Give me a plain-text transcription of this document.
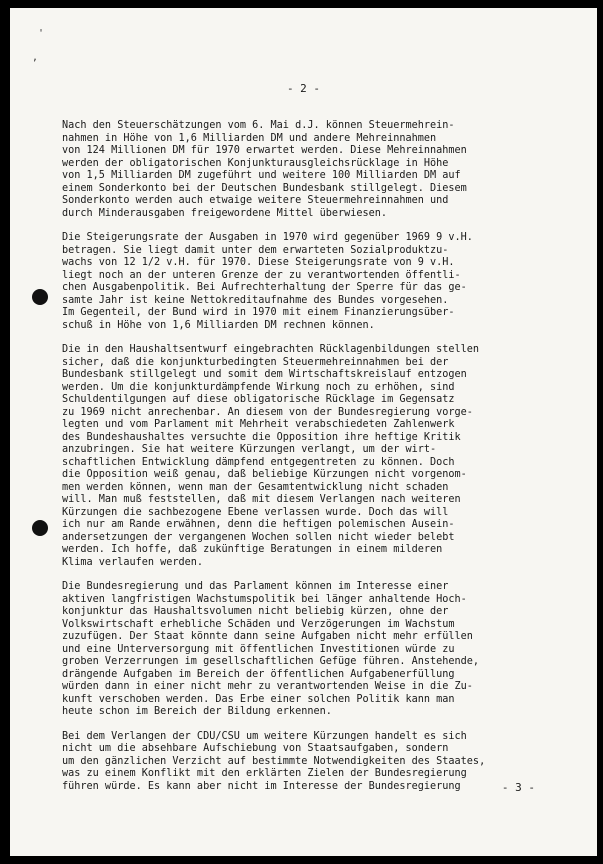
'
‚
- 2 -
Nach den Steuerschätzungen vom 6. Mai d.J. können Steuermehrein-
nahmen in Höhe von 1,6 Milliarden DM und andere Mehreinnahmen
von 124 Millionen DM für 1970 erwartet werden. Diese Mehreinnahmen
werden der obligatorischen Konjunkturausgleichsrücklage in Höhe
von 1,5 Milliarden DM zugeführt und weitere 100 Milliarden DM auf
einem Sonderkonto bei der Deutschen Bundesbank stillgelegt. Diesem
Sonderkonto werden auch etwaige weitere Steuermehreinnahmen und
durch Minderausgaben freigewordene Mittel überwiesen.
Die Steigerungsrate der Ausgaben in 1970 wird gegenüber 1969 9 v.H.
betragen. Sie liegt damit unter dem erwarteten Sozialproduktzu-
wachs von 12 1/2 v.H. für 1970. Diese Steigerungsrate von 9 v.H.
liegt noch an der unteren Grenze der zu verantwortenden öffentli-
chen Ausgabenpolitik. Bei Aufrechterhaltung der Sperre für das ge-
samte Jahr ist keine Nettokreditaufnahme des Bundes vorgesehen.
Im Gegenteil, der Bund wird in 1970 mit einem Finanzierungsüber-
schuß in Höhe von 1,6 Milliarden DM rechnen können.
Die in den Haushaltsentwurf eingebrachten Rücklagenbildungen stellen
sicher, daß die konjunkturbedingten Steuermehreinnahmen bei der
Bundesbank stillgelegt und somit dem Wirtschaftskreislauf entzogen
werden. Um die konjunkturdämpfende Wirkung noch zu erhöhen, sind
Schuldentilgungen auf diese obligatorische Rücklage im Gegensatz
zu 1969 nicht anrechenbar. An diesem von der Bundesregierung vorge-
legten und vom Parlament mit Mehrheit verabschiedeten Zahlenwerk
des Bundeshaushaltes versuchte die Opposition ihre heftige Kritik
anzubringen. Sie hat weitere Kürzungen verlangt, um der wirt-
schaftlichen Entwicklung dämpfend entgegentreten zu können. Doch
die Opposition weiß genau, daß beliebige Kürzungen nicht vorgenom-
men werden können, wenn man der Gesamtentwicklung nicht schaden
will. Man muß feststellen, daß mit diesem Verlangen nach weiteren
Kürzungen die sachbezogene Ebene verlassen wurde. Doch das will
ich nur am Rande erwähnen, denn die heftigen polemischen Ausein-
andersetzungen der vergangenen Wochen sollen nicht wieder belebt
werden. Ich hoffe, daß zukünftige Beratungen in einem milderen
Klima verlaufen werden.
Die Bundesregierung und das Parlament können im Interesse einer
aktiven langfristigen Wachstumspolitik bei länger anhaltende Hoch-
konjunktur das Haushaltsvolumen nicht beliebig kürzen, ohne der
Volkswirtschaft erhebliche Schäden und Verzögerungen im Wachstum
zuzufügen. Der Staat könnte dann seine Aufgaben nicht mehr erfüllen
und eine Unterversorgung mit öffentlichen Investitionen würde zu
groben Verzerrungen im gesellschaftlichen Gefüge führen. Anstehende,
drängende Aufgaben im Bereich der öffentlichen Aufgabenerfüllung
würden dann in einer nicht mehr zu verantwortenden Weise in die Zu-
kunft verschoben werden. Das Erbe einer solchen Politik kann man
heute schon im Bereich der Bildung erkennen.
Bei dem Verlangen der CDU/CSU um weitere Kürzungen handelt es sich
nicht um die absehbare Aufschiebung von Staatsaufgaben, sondern
um den gänzlichen Verzicht auf bestimmte Notwendigkeiten des Staates,
was zu einem Konflikt mit den erklärten Zielen der Bundesregierung
führen würde. Es kann aber nicht im Interesse der Bundesregierung	- 3 -
